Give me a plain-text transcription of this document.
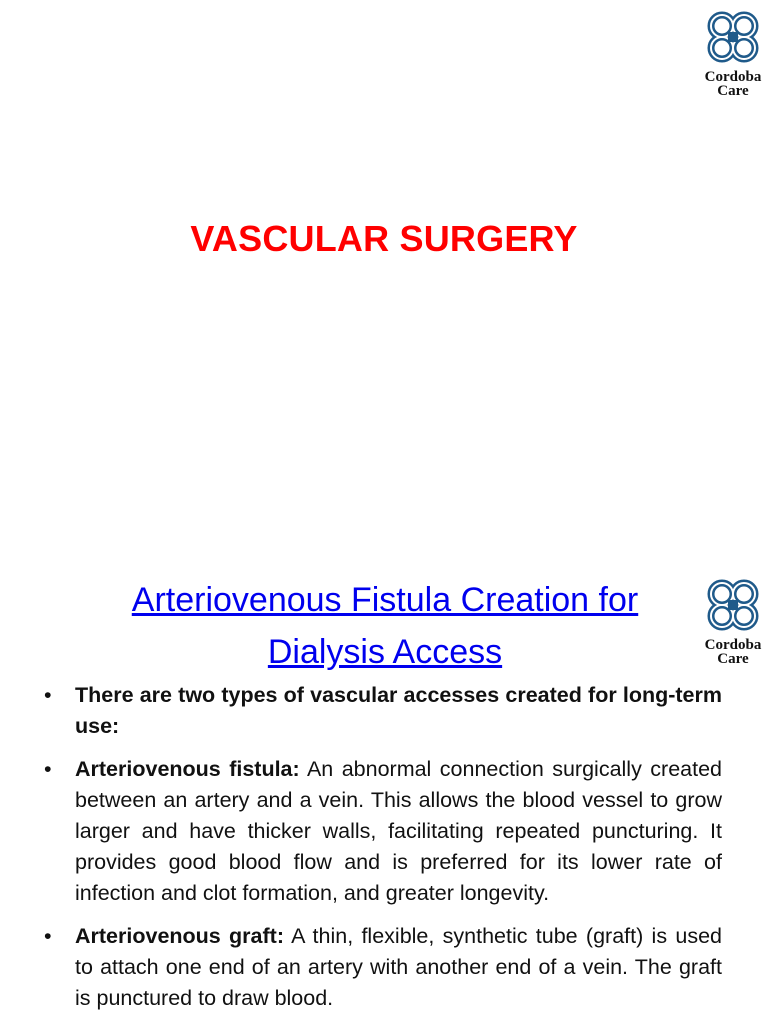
Cordoba
Care
VASCULAR SURGERY
Cordoba
Care
Arteriovenous Fistula Creation for Dialysis Access
• There are two types of vascular accesses created for long-term use:
• Arteriovenous fistula: An abnormal connection surgically created between an artery and a vein. This allows the blood vessel to grow larger and have thicker walls, facilitating repeated puncturing. It provides good blood flow and is preferred for its lower rate of infection and clot formation, and greater longevity.
• Arteriovenous graft: A thin, flexible, synthetic tube (graft) is used to attach one end of an artery with another end of a vein. The graft is punctured to draw blood.
